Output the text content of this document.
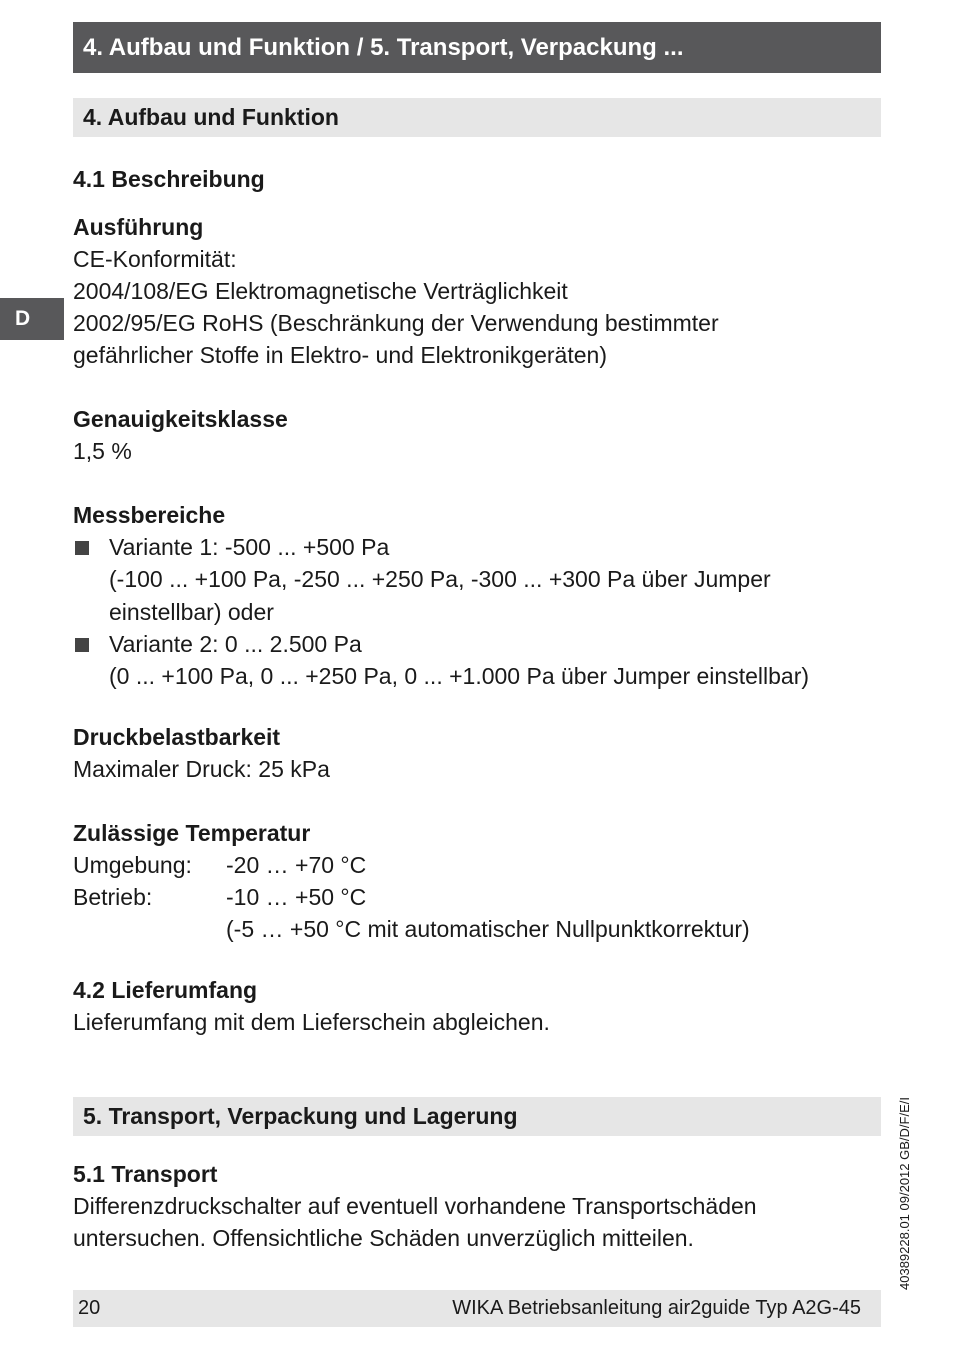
4. Aufbau und Funktion / 5. Transport, Verpackung ...
D
4. Aufbau und Funktion
4.1 Beschreibung
Ausführung
CE-Konformität:
2004/108/EG Elektromagnetische Verträglichkeit
2002/95/EG RoHS (Beschränkung der Verwendung bestimmter
gefährlicher Stoffe in Elektro- und Elektronikgeräten)
Genauigkeitsklasse
1,5 %
Messbereiche
Variante 1: -500 ... +500 Pa
(-100 ... +100 Pa, -250 ... +250 Pa, -300 ... +300 Pa über Jumper
einstellbar) oder
Variante 2: 0 ... 2.500 Pa
(0 ... +100 Pa, 0 ... +250 Pa, 0 ... +1.000 Pa über Jumper einstellbar)
Druckbelastbarkeit
Maximaler Druck: 25 kPa
Zulässige Temperatur
Umgebung: -20 … +70 °C
Betrieb:	-10 … +50 °C
(-5 … +50 °C mit automatischer Nullpunktkorrektur)
4.2 Lieferumfang
Lieferumfang mit dem Lieferschein abgleichen.
5. Transport, Verpackung und Lagerung
5.1 Transport
Differenzdruckschalter auf eventuell vorhandene Transportschäden
untersuchen. Offensichtliche Schäden unverzüglich mitteilen.	40389228.01 09/2012 GB/D/F/E/I
20	WIKA Betriebsanleitung air2guide Typ A2G-45
